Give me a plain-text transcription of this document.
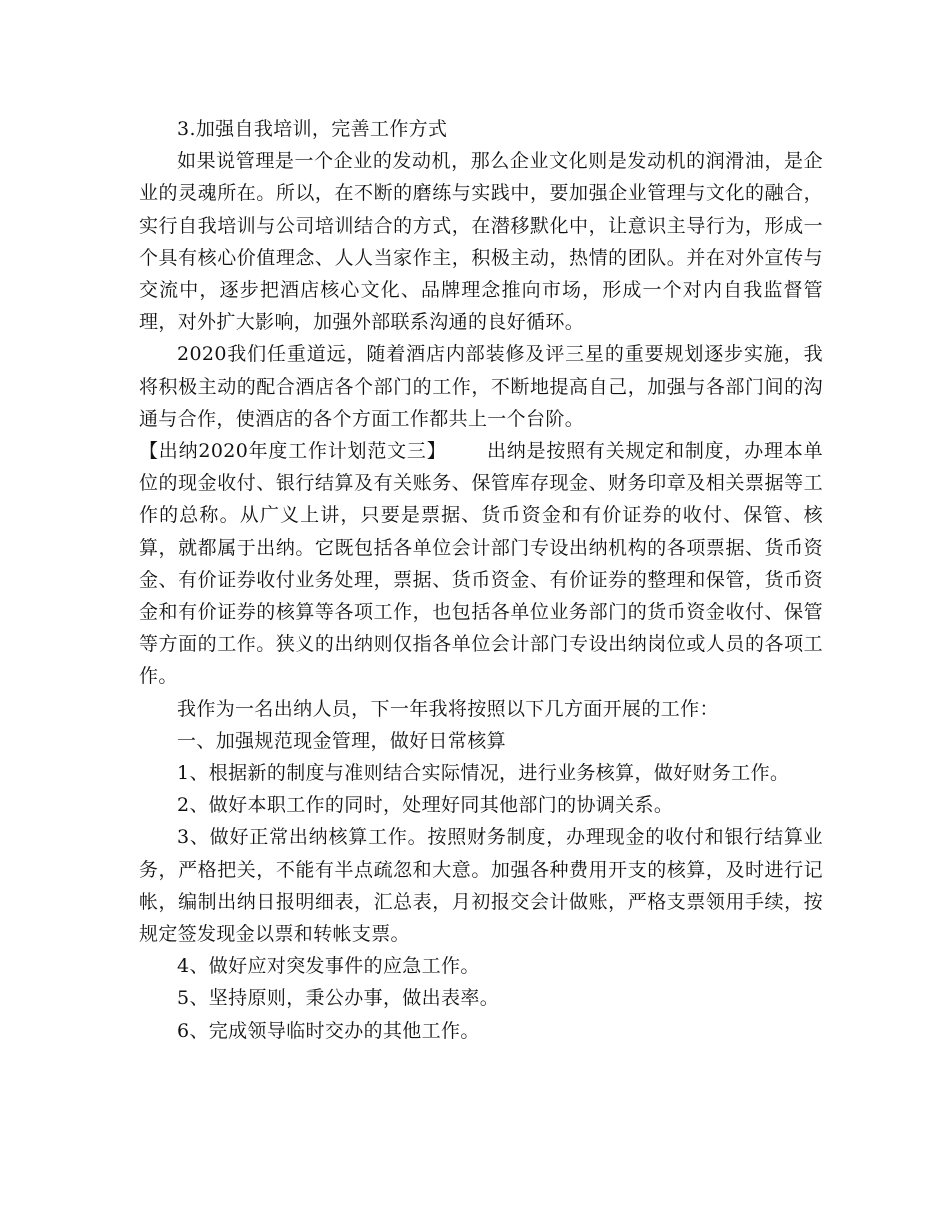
3.加强自我培训，完善工作方式

如果说管理是一个企业的发动机，那么企业文化则是发动机的润滑油，是企业的灵魂所在。所以，在不断的磨练与实践中，要加强企业管理与文化的融合，实行自我培训与公司培训结合的方式，在潜移默化中，让意识主导行为，形成一个具有核心价值理念、人人当家作主，积极主动，热情的团队。并在对外宣传与交流中，逐步把酒店核心文化、品牌理念推向市场，形成一个对内自我监督管理，对外扩大影响，加强外部联系沟通的良好循环。

2020我们任重道远，随着酒店内部装修及评三星的重要规划逐步实施，我将积极主动的配合酒店各个部门的工作，不断地提高自己，加强与各部门间的沟通与合作，使酒店的各个方面工作都共上一个台阶。

【出纳2020年度工作计划范文三】 出纳是按照有关规定和制度，办理本单位的现金收付、银行结算及有关账务、保管库存现金、财务印章及相关票据等工作的总称。从广义上讲，只要是票据、货币资金和有价证券的收付、保管、核算，就都属于出纳。它既包括各单位会计部门专设出纳机构的各项票据、货币资金、有价证券收付业务处理，票据、货币资金、有价证券的整理和保管，货币资金和有价证券的核算等各项工作，也包括各单位业务部门的货币资金收付、保管等方面的工作。狭义的出纳则仅指各单位会计部门专设出纳岗位或人员的各项工作。

我作为一名出纳人员，下一年我将按照以下几方面开展的工作：

一、加强规范现金管理，做好日常核算

1、根据新的制度与准则结合实际情况，进行业务核算，做好财务工作。

2、做好本职工作的同时，处理好同其他部门的协调关系。

3、做好正常出纳核算工作。按照财务制度，办理现金的收付和银行结算业务，严格把关，不能有半点疏忽和大意。加强各种费用开支的核算，及时进行记帐，编制出纳日报明细表，汇总表，月初报交会计做账，严格支票领用手续，按规定签发现金以票和转帐支票。

4、做好应对突发事件的应急工作。

5、坚持原则，秉公办事，做出表率。

6、完成领导临时交办的其他工作。
